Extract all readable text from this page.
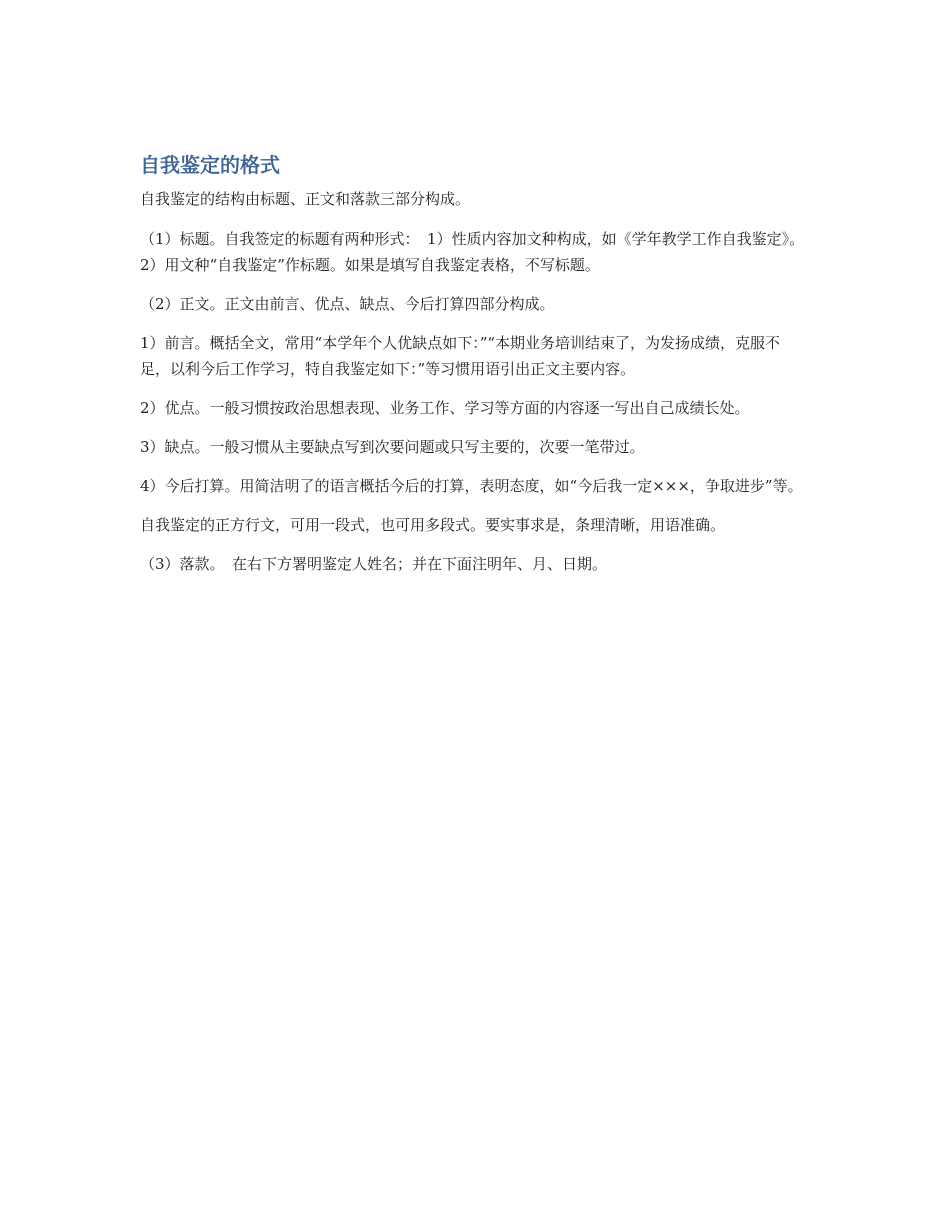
自我鉴定的格式

自我鉴定的结构由标题、正文和落款三部分构成。

（1）标题。自我签定的标题有两种形式：　1）性质内容加文种构成，如《学年教学工作自我鉴定》。　2）用文种“自我鉴定”作标题。如果是填写自我鉴定表格，不写标题。

（2）正文。正文由前言、优点、缺点、今后打算四部分构成。

1）前言。概括全文，常用“本学年个人优缺点如下：”“本期业务培训结束了，为发扬成绩，克服不足，以利今后工作学习，特自我鉴定如下：”等习惯用语引出正文主要内容。

2）优点。一般习惯按政治思想表现、业务工作、学习等方面的内容逐一写出自己成绩长处。

3）缺点。一般习惯从主要缺点写到次要问题或只写主要的，次要一笔带过。

4）今后打算。用简洁明了的语言概括今后的打算，表明态度，如“今后我一定×××，争取进步”等。

自我鉴定的正方行文，可用一段式，也可用多段式。要实事求是，条理清晰，用语准确。

（3）落款。　在右下方署明鉴定人姓名；并在下面注明年、月、日期。
